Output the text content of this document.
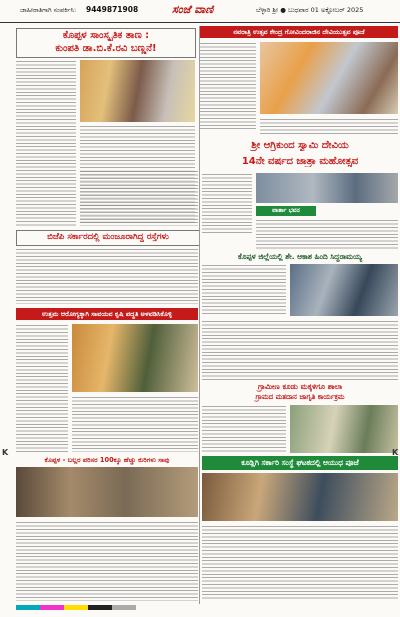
ಜಾಹೀರಾತಿಗಾಗಿ ಸಂಪರ್ಕಿಸಿ: 9449871908	ಸಂಜೆ ವಾಣಿ	ಬೆಳ್ಳಾರಿ ಶ್ರೀ ● ಬುಧವಾರ 01 ಅಕ್ಟೋಬರ್ 2025
ಕೊಪ್ಪಳ ಸಾಂಸ್ಕೃತಿಕ ತಾಣ :
ಕುಂಪತಿ ಡಾ.ಬಿ.ಕೆ.ರವಿ ಬಣ್ಣನೆ!
ನವರಾತ್ರಿ ಉತ್ಸವ ಕೇಂದ್ರ ಗೋವಿಂದರಾಜಿನ ದೇವಿಯುತ್ಸವ ಪೂಜೆ
ಶ್ರೀ ಆಗ್ರಿಕುಂದ ಸ್ವಾಮಿ ದೇವಿಯ
14ನೇ ವರ್ಷದ ಜಾತ್ರಾ ಮಹೋತ್ಸವ
ವಾರ್ತಾ ಭವನ
ಬಿಜೆಪಿ ಸರ್ಕಾರದಲ್ಲಿ ಮಂಜೂರಾಗಿದ್ದ ರಸ್ತೆಗಳು
ಕೊಪ್ಪಳ ಜಿಲ್ಲೆಯಲ್ಲಿ ಶೇ. ಆಕಾಶ ಹಿಂದಿ ಸಿದ್ಧರಾಮಯ್ಯ
ಉತ್ತಮ ಆರೋಗ್ಯಕ್ಕಾಗಿ ಸಾವಯವ ಕೃಷಿ ಪದ್ಧತಿ ಅಳವಡಿಸಿಕೊಳ್ಳಿ
ಗ್ರಾಮೀಣ ಕೂಡು ಮಕ್ಕಳಿಗೂ ಶಾಲಾ
ಗ್ರಾಮದ ಮತದಾನ ಜಾಗೃತಿ ಕಾರ್ಯಕ್ರಮ
ಕೊಪ್ಪಳ - ಬಲ್ಲರ ಪರಿಸರ 100ಕ್ಕೂ ಹೆಚ್ಚು ಕುರಿಗಳು ಸಾವು	ಕೂಡ್ಲಿಗಿ ಸರ್ಕಾರಿ ಸಂಸ್ಥೆ ಘಟಕದಲ್ಲಿ ಆಯುಧ ಪೂಜೆ
K	K
